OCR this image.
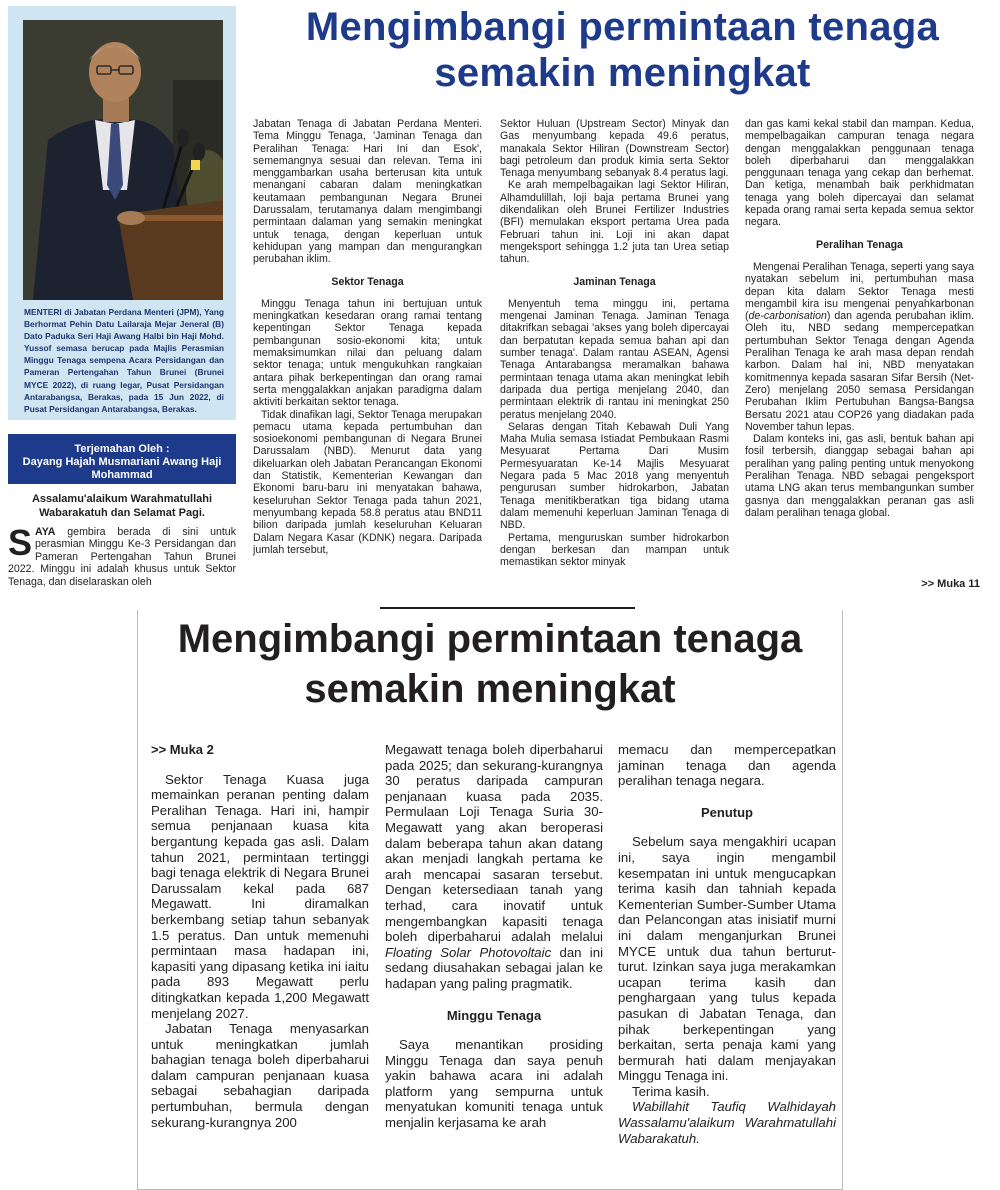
MENTERI di Jabatan Perdana Menteri (JPM), Yang Berhormat Pehin Datu Lailaraja Mejar Jeneral (B) Dato Paduka Seri Haji Awang Halbi bin Haji Mohd. Yussof semasa berucap pada Majlis Perasmian Minggu Tenaga sempena Acara Persidangan dan Pameran Pertengahan Tahun Brunei (Brunei MYCE 2022), di ruang legar, Pusat Persidangan Antarabangsa, Berakas, pada 15 Jun 2022, di Pusat Persidangan Antarabangsa, Berakas.
Terjemahan Oleh :
Dayang Hajah Musmariani Awang Haji Mohammad
Assalamu'alaikum Warahmatullahi Wabarakatuh dan Selamat Pagi.
SAYA gembira berada di sini untuk perasmian Minggu Ke-3 Persidangan dan Pameran Pertengahan Tahun Brunei 2022. Minggu ini adalah khusus untuk Sektor Tenaga, dan diselaraskan oleh
Mengimbangi permintaan tenaga semakin meningkat

Jabatan Tenaga di Jabatan Perdana Menteri. Tema Minggu Tenaga, 'Jaminan Tenaga dan Peralihan Tenaga: Hari Ini dan Esok', sememangnya sesuai dan relevan. Tema ini menggambarkan usaha berterusan kita untuk menangani cabaran dalam meningkatkan keutamaan pembangunan Negara Brunei Darussalam, terutamanya dalam mengimbangi permintaan dalaman yang semakin meningkat untuk tenaga, dengan keperluan untuk kehidupan yang mampan dan mengurangkan perubahan iklim.

Sektor Tenaga

Minggu Tenaga tahun ini bertujuan untuk meningkatkan kesedaran orang ramai tentang kepentingan Sektor Tenaga kepada pembangunan sosio-ekonomi kita; untuk memaksimumkan nilai dan peluang dalam sektor tenaga; untuk mengukuhkan rangkaian antara pihak berkepentingan dan orang ramai serta menggalakkan anjakan paradigma dalam aktiviti berkaitan sektor tenaga.

Tidak dinafikan lagi, Sektor Tenaga merupakan pemacu utama kepada pertumbuhan dan sosioekonomi pembangunan di Negara Brunei Darussalam (NBD). Menurut data yang dikeluarkan oleh Jabatan Perancangan Ekonomi dan Statistik, Kementerian Kewangan dan Ekonomi baru-baru ini menyatakan bahawa, keseluruhan Sektor Tenaga pada tahun 2021, menyumbang kepada 58.8 peratus atau BND11 bilion daripada jumlah keseluruhan Keluaran Dalam Negara Kasar (KDNK) negara. Daripada jumlah tersebut,

Sektor Huluan (Upstream Sector) Minyak dan Gas menyumbang kepada 49.6 peratus, manakala Sektor Hiliran (Downstream Sector) bagi petroleum dan produk kimia serta Sektor Tenaga menyumbang sebanyak 8.4 peratus lagi.

Ke arah mempelbagaikan lagi Sektor Hiliran, Alhamdulillah, loji baja pertama Brunei yang dikendalikan oleh Brunei Fertilizer Industries (BFI) memulakan eksport pertama Urea pada Februari tahun ini. Loji ini akan dapat mengeksport sehingga 1.2 juta tan Urea setiap tahun.

Jaminan Tenaga

Menyentuh tema minggu ini, pertama mengenai Jaminan Tenaga. Jaminan Tenaga ditakrifkan sebagai 'akses yang boleh dipercayai dan berpatutan kepada semua bahan api dan sumber tenaga'. Dalam rantau ASEAN, Agensi Tenaga Antarabangsa meramalkan bahawa permintaan tenaga utama akan meningkat lebih daripada dua pertiga menjelang 2040, dan permintaan elektrik di rantau ini meningkat 250 peratus menjelang 2040.

Selaras dengan Titah Kebawah Duli Yang Maha Mulia semasa Istiadat Pembukaan Rasmi Mesyuarat Pertama Dari Musim Permesyuaratan Ke-14 Majlis Mesyuarat Negara pada 5 Mac 2018 yang menyentuh pengurusan sumber hidrokarbon, Jabatan Tenaga menitikberatkan tiga bidang utama dalam memenuhi keperluan Jaminan Tenaga di NBD.

Pertama, menguruskan sumber hidrokarbon dengan berkesan dan mampan untuk memastikan sektor minyak

dan gas kami kekal stabil dan mampan. Kedua, mempelbagaikan campuran tenaga negara dengan menggalakkan penggunaan tenaga boleh diperbaharui dan menggalakkan penggunaan tenaga yang cekap dan berhemat. Dan ketiga, menambah baik perkhidmatan tenaga yang boleh dipercayai dan selamat kepada orang ramai serta kepada semua sektor negara.

Peralihan Tenaga

Mengenai Peralihan Tenaga, seperti yang saya nyatakan sebelum ini, pertumbuhan masa depan kita dalam Sektor Tenaga mesti mengambil kira isu mengenai penyahkarbonan (de-carbonisation) dan agenda perubahan iklim. Oleh itu, NBD sedang mempercepatkan pertumbuhan Sektor Tenaga dengan Agenda Peralihan Tenaga ke arah masa depan rendah karbon. Dalam hal ini, NBD menyatakan komitmennya kepada sasaran Sifar Bersih (Net-Zero) menjelang 2050 semasa Persidangan Perubahan Iklim Pertubuhan Bangsa-Bangsa Bersatu 2021 atau COP26 yang diadakan pada November tahun lepas.

Dalam konteks ini, gas asli, bentuk bahan api fosil terbersih, dianggap sebagai bahan api peralihan yang paling penting untuk menyokong Peralihan Tenaga. NBD sebagai pengeksport utama LNG akan terus membangunkan sumber gasnya dan menggalakkan peranan gas asli dalam peralihan tenaga global.

>> Muka 11
Mengimbangi permintaan tenaga semakin meningkat

>> Muka 2

Sektor Tenaga Kuasa juga memainkan peranan penting dalam Peralihan Tenaga. Hari ini, hampir semua penjanaan kuasa kita bergantung kepada gas asli. Dalam tahun 2021, permintaan tertinggi bagi tenaga elektrik di Negara Brunei Darussalam kekal pada 687 Megawatt. Ini diramalkan berkembang setiap tahun sebanyak 1.5 peratus. Dan untuk memenuhi permintaan masa hadapan ini, kapasiti yang dipasang ketika ini iaitu pada 893 Megawatt perlu ditingkatkan kepada 1,200 Megawatt menjelang 2027.

Jabatan Tenaga menyasarkan untuk meningkatkan jumlah bahagian tenaga boleh diperbaharui dalam campuran penjanaan kuasa sebagai sebahagian daripada pertumbuhan, bermula dengan sekurang-kurangnya 200

Megawatt tenaga boleh diperbaharui pada 2025; dan sekurang-kurangnya 30 peratus daripada campuran penjanaan kuasa pada 2035. Permulaan Loji Tenaga Suria 30-Megawatt yang akan beroperasi dalam beberapa tahun akan datang akan menjadi langkah pertama ke arah mencapai sasaran tersebut. Dengan ketersediaan tanah yang terhad, cara inovatif untuk mengembangkan kapasiti tenaga boleh diperbaharui adalah melalui Floating Solar Photovoltaic dan ini sedang diusahakan sebagai jalan ke hadapan yang paling pragmatik.

Minggu Tenaga

Saya menantikan prosiding Minggu Tenaga dan saya penuh yakin bahawa acara ini adalah platform yang sempurna untuk menyatukan komuniti tenaga untuk menjalin kerjasama ke arah

memacu dan mempercepatkan jaminan tenaga dan agenda peralihan tenaga negara.

Penutup

Sebelum saya mengakhiri ucapan ini, saya ingin mengambil kesempatan ini untuk mengucapkan terima kasih dan tahniah kepada Kementerian Sumber-Sumber Utama dan Pelancongan atas inisiatif murni ini dalam menganjurkan Brunei MYCE untuk dua tahun berturut-turut. Izinkan saya juga merakamkan ucapan terima kasih dan penghargaan yang tulus kepada pasukan di Jabatan Tenaga, dan pihak berkepentingan yang berkaitan, serta penaja kami yang bermurah hati dalam menjayakan Minggu Tenaga ini.

Terima kasih.

Wabillahit Taufiq Walhidayah Wassalamu'alaikum Warahmatullahi Wabarakatuh.
